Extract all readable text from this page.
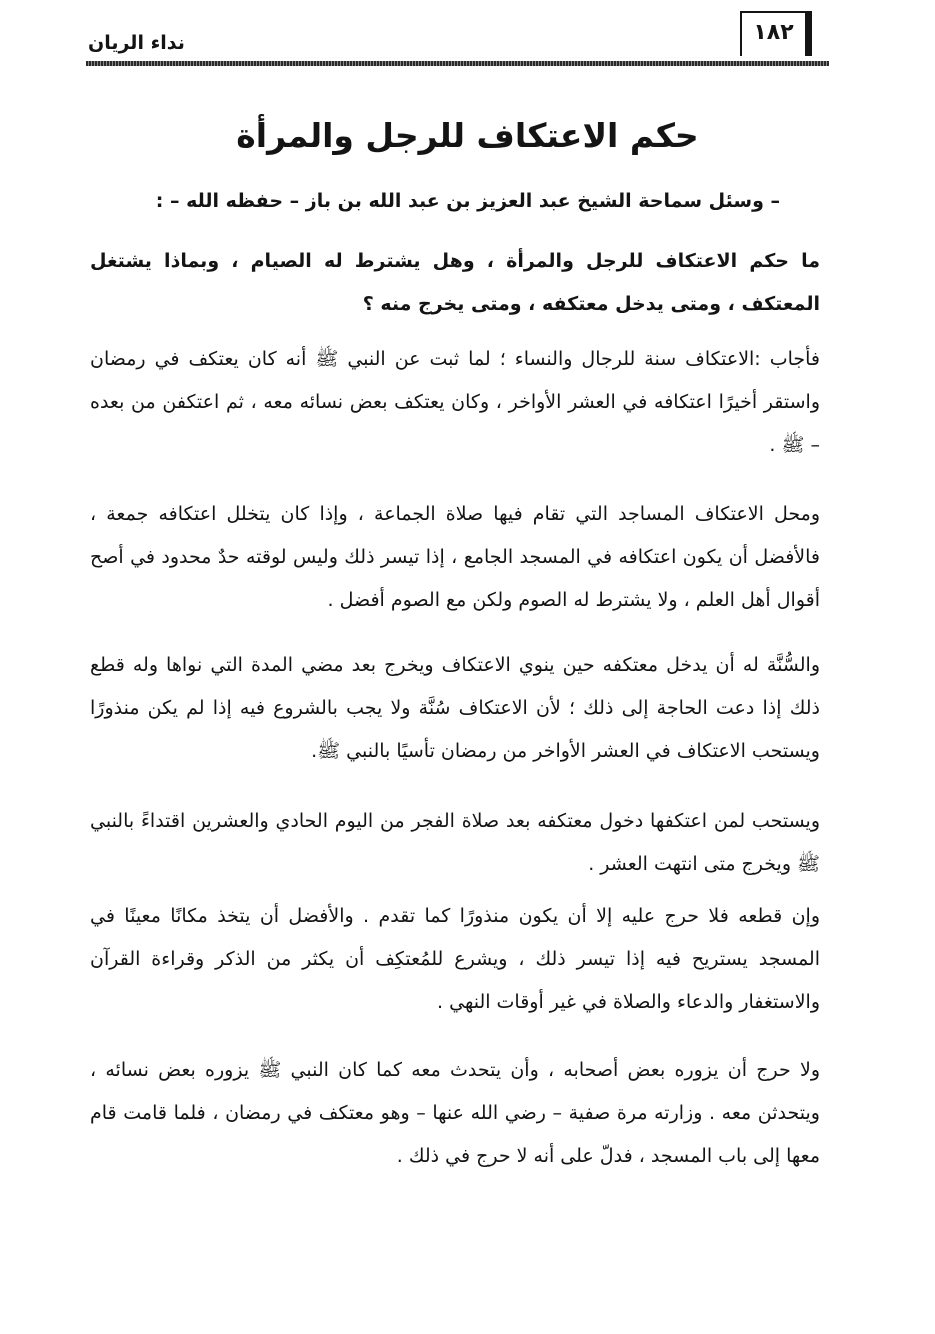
١٨٢
نداء الريان
حكم الاعتكاف للرجل والمرأة
– وسئل سماحة الشيخ عبد العزيز بن عبد الله بن باز – حفظه الله – :
ما حكم الاعتكاف للرجل والمرأة ، وهل يشترط له الصيام ، وبماذا يشتغل المعتكف ، ومتى يدخل معتكفه ، ومتى يخرج منه ؟
فأجاب :الاعتكاف سنة للرجال والنساء ؛ لما ثبت عن النبي ﷺ أنه كان يعتكف في رمضان واستقر أخيرًا اعتكافه في العشر الأواخر ، وكان يعتكف بعض نسائه معه ، ثم اعتكفن من بعده – ﷺ .
ومحل الاعتكاف المساجد التي تقام فيها صلاة الجماعة ، وإذا كان يتخلل اعتكافه جمعة ، فالأفضل أن يكون اعتكافه في المسجد الجامع ، إذا تيسر ذلك وليس لوقته حدٌ محدود في أصح أقوال أهل العلم ، ولا يشترط له الصوم ولكن مع الصوم أفضل .
والسُّنَّة له أن يدخل معتكفه حين ينوي الاعتكاف ويخرج بعد مضي المدة التي نواها وله قطع ذلك إذا دعت الحاجة إلى ذلك ؛ لأن الاعتكاف سُنَّة ولا يجب بالشروع فيه إذا لم يكن منذورًا ويستحب الاعتكاف في العشر الأواخر من رمضان تأسيًا بالنبي ﷺ.
ويستحب لمن اعتكفها دخول معتكفه بعد صلاة الفجر من اليوم الحادي والعشرين اقتداءً بالنبي ﷺ ويخرج متى انتهت العشر .
وإن قطعه فلا حرج عليه إلا أن يكون منذورًا كما تقدم . والأفضل أن يتخذ مكانًا معينًا في المسجد يستريح فيه إذا تيسر ذلك ، ويشرع للمُعتكِف أن يكثر من الذكر وقراءة القرآن والاستغفار والدعاء والصلاة في غير أوقات النهي .
ولا حرج أن يزوره بعض أصحابه ، وأن يتحدث معه كما كان النبي ﷺ يزوره بعض نسائه ، ويتحدثن معه . وزارته مرة صفية – رضي الله عنها – وهو معتكف في رمضان ، فلما قامت قام معها إلى باب المسجد ، فدلّ على أنه لا حرج في ذلك .
